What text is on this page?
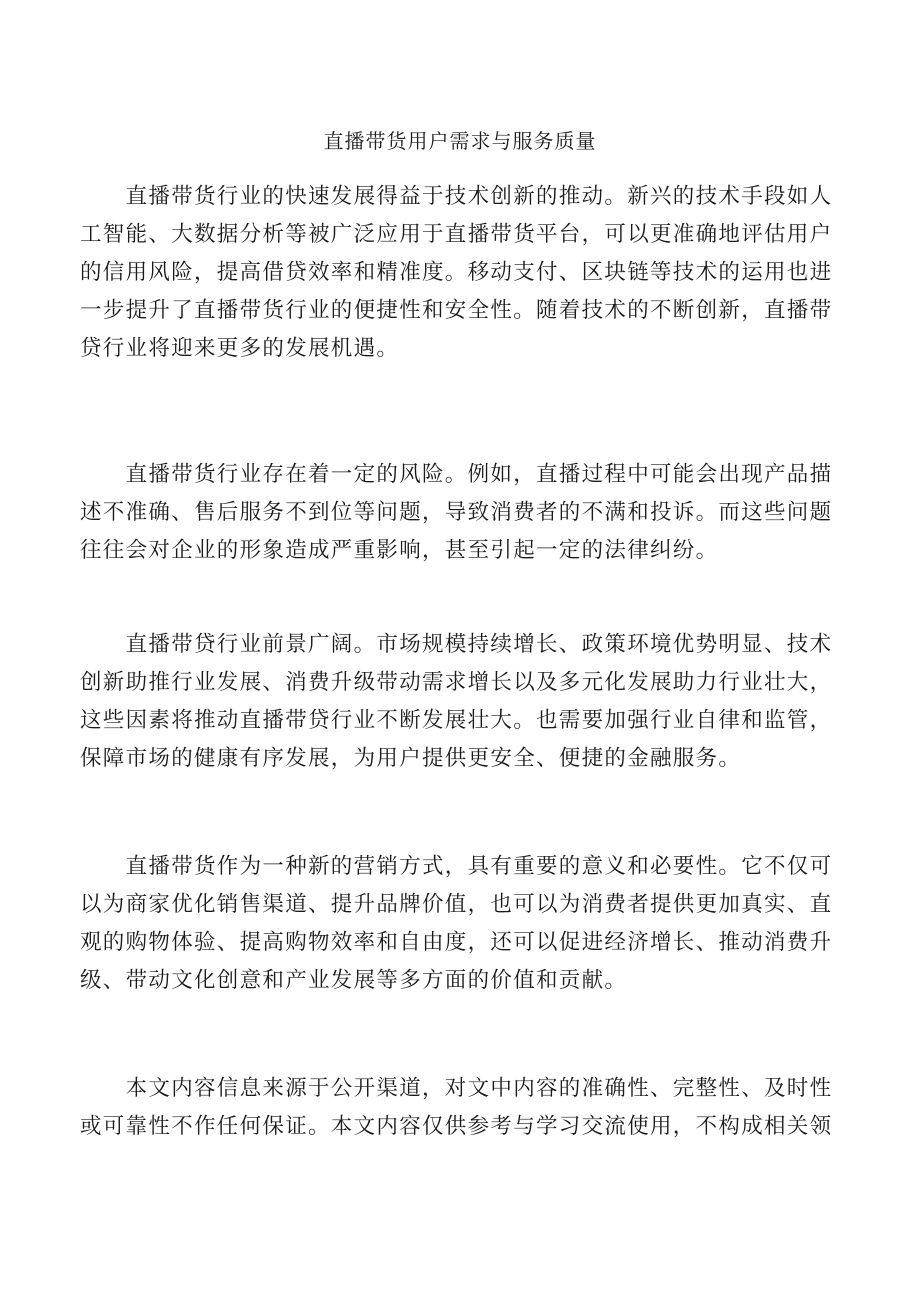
直播带货用户需求与服务质量
　　直播带货行业的快速发展得益于技术创新的推动。新兴的技术手段如人
工智能、大数据分析等被广泛应用于直播带货平台，可以更准确地评估用户
的信用风险，提高借贷效率和精准度。移动支付、区块链等技术的运用也进
一步提升了直播带货行业的便捷性和安全性。随着技术的不断创新，直播带
贷行业将迎来更多的发展机遇。
　　直播带货行业存在着一定的风险。例如，直播过程中可能会出现产品描
述不准确、售后服务不到位等问题，导致消费者的不满和投诉。而这些问题
往往会对企业的形象造成严重影响，甚至引起一定的法律纠纷。
　　直播带贷行业前景广阔。市场规模持续增长、政策环境优势明显、技术
创新助推行业发展、消费升级带动需求增长以及多元化发展助力行业壮大，
这些因素将推动直播带贷行业不断发展壮大。也需要加强行业自律和监管，
保障市场的健康有序发展，为用户提供更安全、便捷的金融服务。
　　直播带货作为一种新的营销方式，具有重要的意义和必要性。它不仅可
以为商家优化销售渠道、提升品牌价值，也可以为消费者提供更加真实、直
观的购物体验、提高购物效率和自由度，还可以促进经济增长、推动消费升
级、带动文化创意和产业发展等多方面的价值和贡献。
　　本文内容信息来源于公开渠道，对文中内容的准确性、完整性、及时性
或可靠性不作任何保证。本文内容仅供参考与学习交流使用，不构成相关领
